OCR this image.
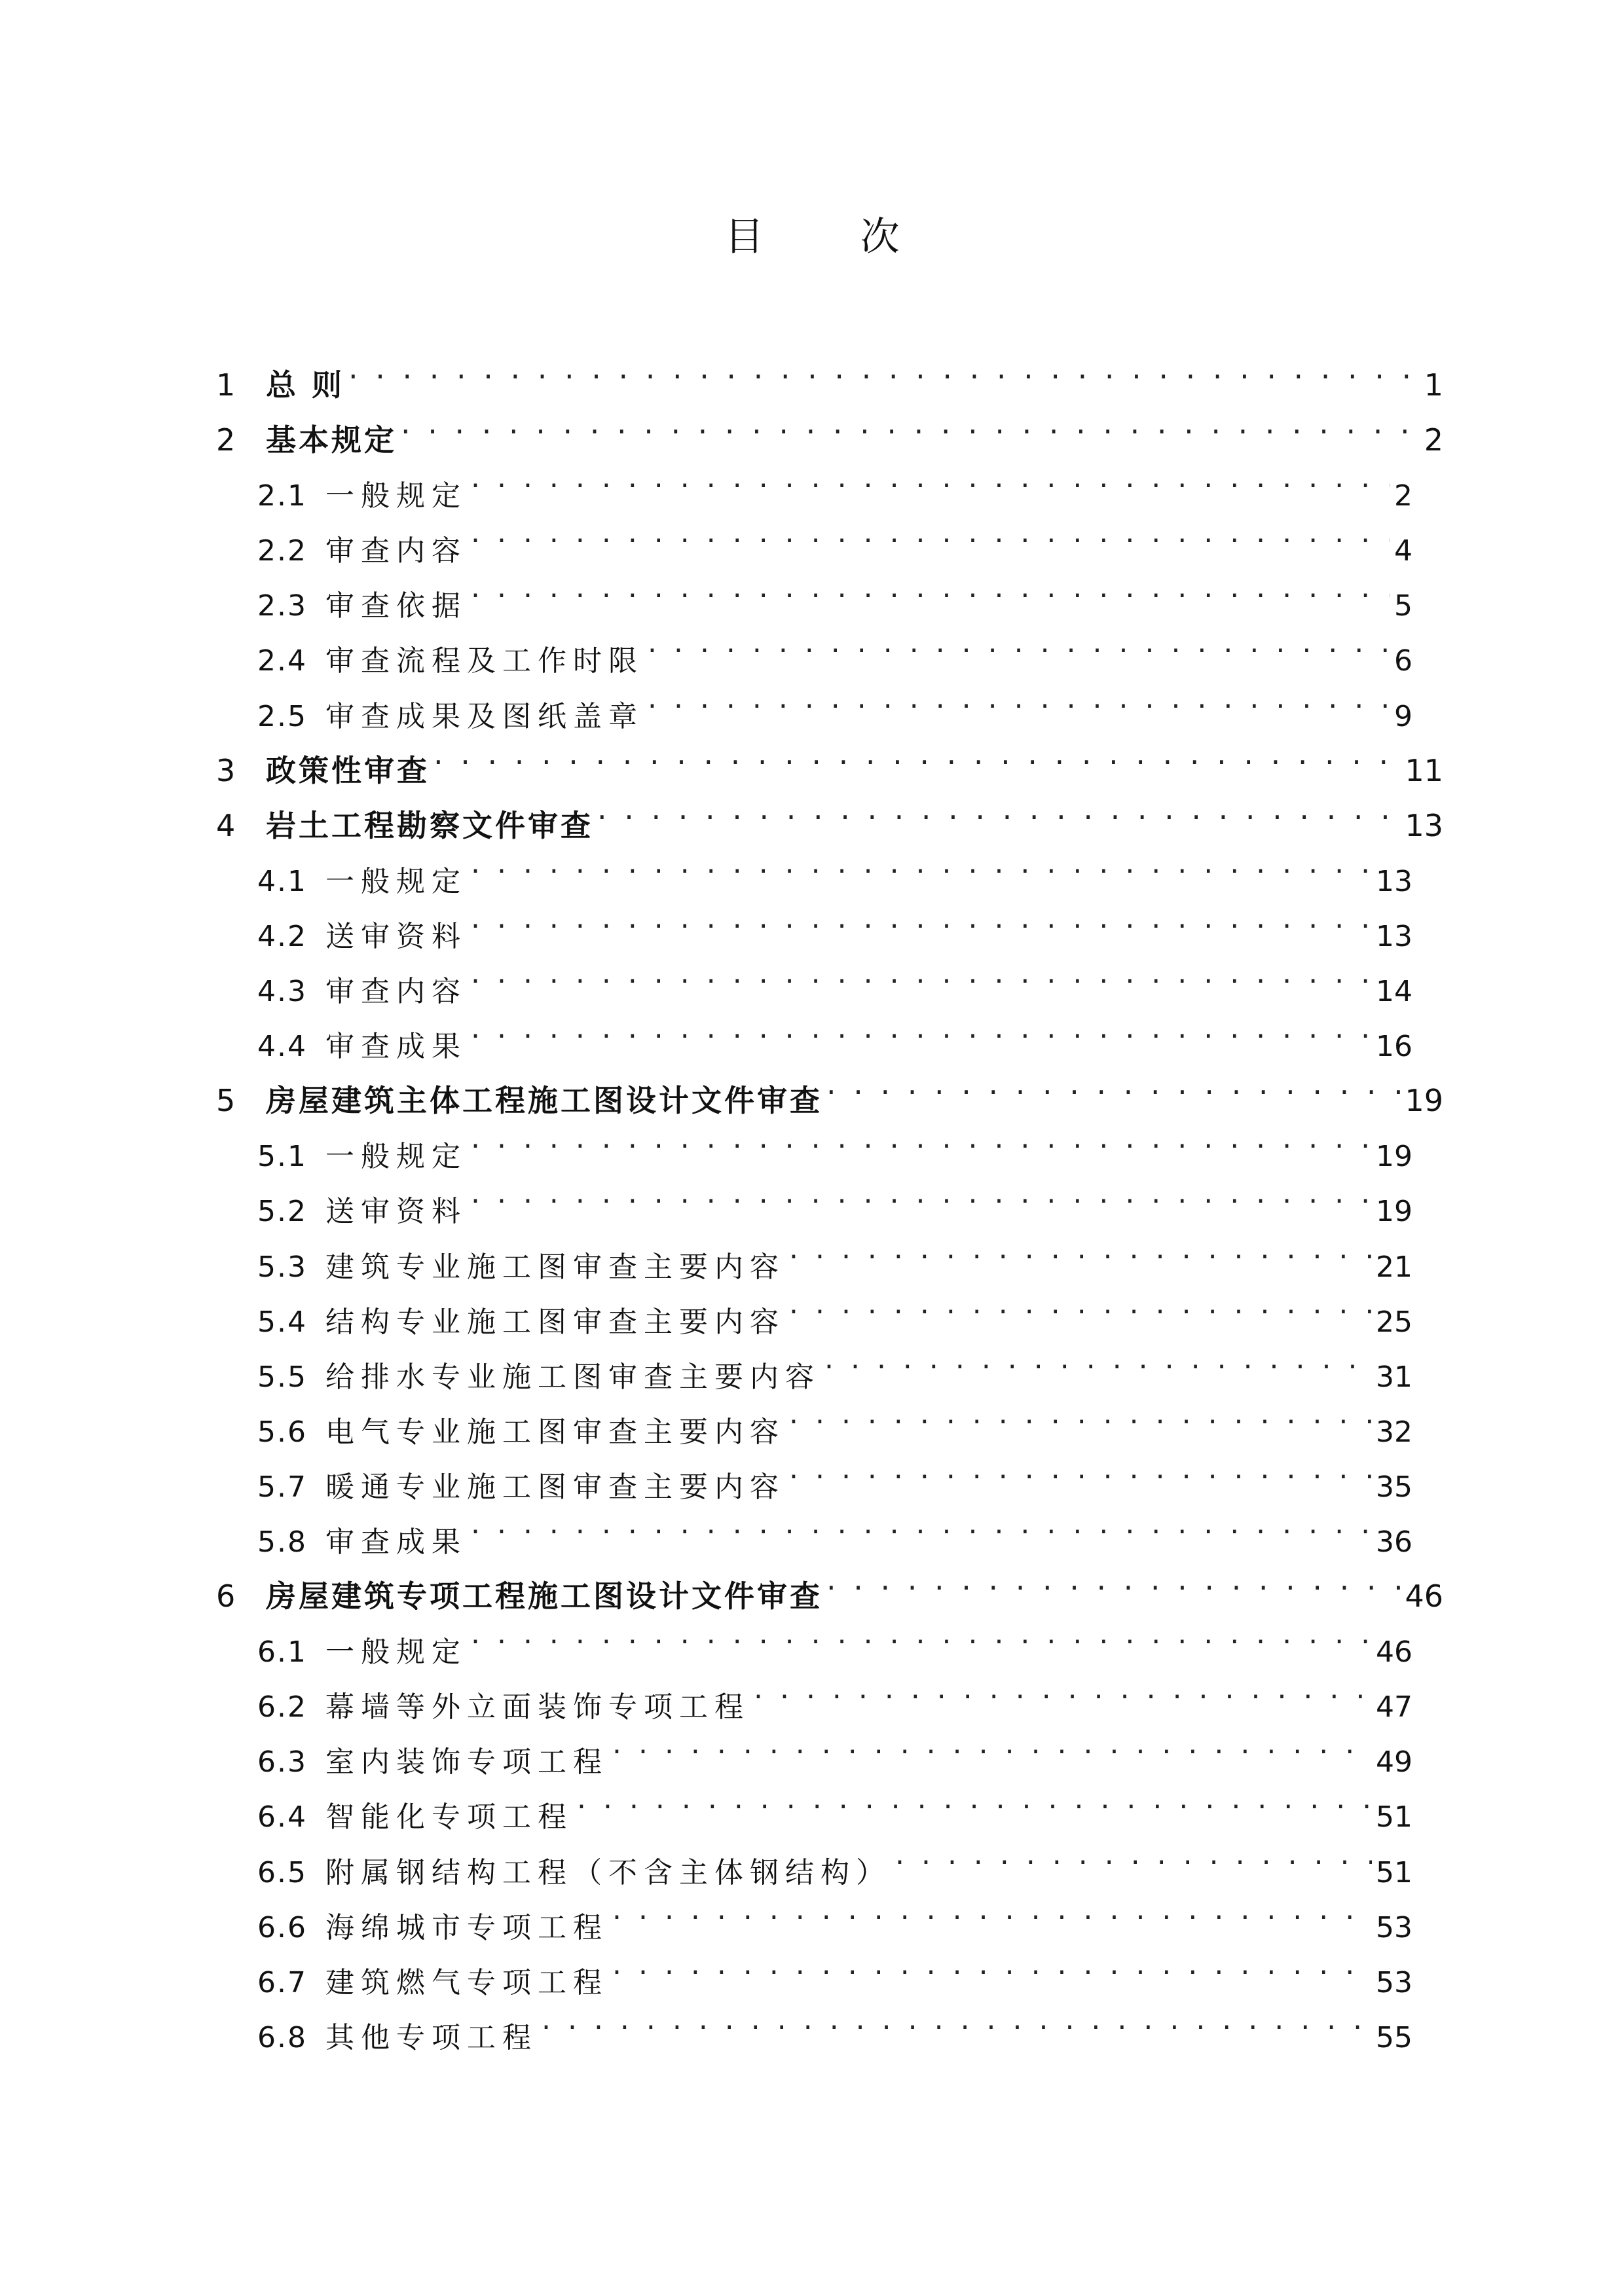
目 次
1	总 则 . . .	1
2	基本规定 . . .	2
2.1 一般规定 . . .	2
2.2 审查内容 . . .	4
2.3 审查依据 . . .	5
2.4 审查流程及工作时限 . . .	6
2.5 审查成果及图纸盖章 . . .	9
3	政策性审查 . . .	11
4	岩土工程勘察文件审查 . . .	13
4.1 一般规定 . . .	13
4.2 送审资料 . . .	13
4.3 审查内容 . . .	14
4.4 审查成果 . . .	16
5	房屋建筑主体工程施工图设计文件审查 . . .	19
5.1 一般规定 . . .	19
5.2 送审资料 . . .	19
5.3 建筑专业施工图审查主要内容 . . .	21
5.4 结构专业施工图审查主要内容 . . .	25
5.5 给排水专业施工图审查主要内容 . . .	31
5.6 电气专业施工图审查主要内容 . . .	32
5.7 暖通专业施工图审查主要内容 . . .	35
5.8 审查成果 . . .	36
6	房屋建筑专项工程施工图设计文件审查 . . .	46
6.1 一般规定 . . .	46
6.2 幕墙等外立面装饰专项工程 . . .	47
6.3 室内装饰专项工程 . . .	49
6.4 智能化专项工程 . . .	51
6.5 附属钢结构工程（不含主体钢结构） . . .	51
6.6 海绵城市专项工程 . . .	53
6.7 建筑燃气专项工程 . . .	53
6.8 其他专项工程 . . .	55
